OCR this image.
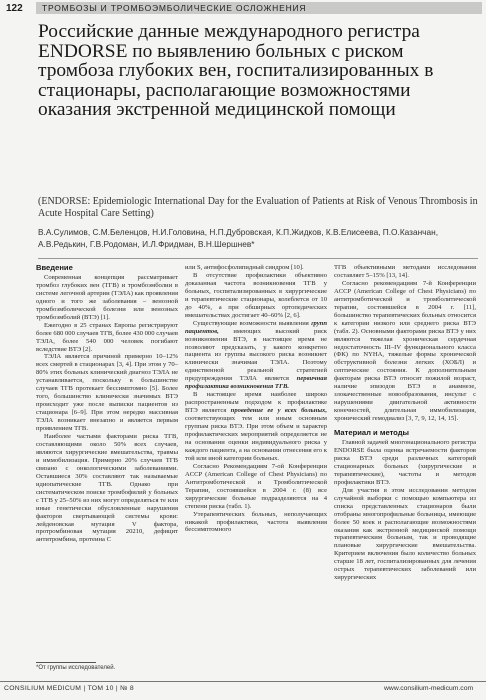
122 ТРОМБОЗЫ И ТРОМБОЭМБОЛИЧЕСКИЕ ОСЛОЖНЕНИЯ
Российские данные международного регистра ENDORSE по выявлению больных с риском тромбоза глубоких вен, госпитализированных в стационары, располагающие возможностями оказания экстренной медицинской помощи
(ENDORSE: Epidemiologic International Day for the Evaluation of Patients at Risk of Venous Thrombosis in Acute Hospital Care Setting)
В.А.Сулимов, С.М.Беленцов, Н.И.Головина, Н.П.Дубровская, К.П.Жидков, К.В.Елисеева, П.О.Казанчан, А.В.Редькин, Г.В.Родоман, И.Л.Фридман, В.Н.Шершнев*
Введение

Современная концепция рассматривает тромбоз глубоких вен (ТГВ) и тромбоэмболии в системе легочной артерии (ТЭЛА) как проявления одного и того же заболевания – венозной тромбоэмболической болезни или венозных тромбоэмболий (ВТЭ) [1].

Ежегодно в 25 странах Европы регистрируют более 680 000 случаев ТГВ, более 430 000 случаев ТЭЛА, более 540 000 человек погибают вследствие ВТЭ [2].

ТЭЛА является причиной примерно 10–12% всех смертей в стационарах [3, 4]. При этом у 70–80% этих больных клинический диагноз ТЭЛА не устанавливается, поскольку в большинстве случаев ТГВ протекает бессимптомно [5]. Более того, большинство клинически значимых ВТЭ происходит уже после выписки пациентов из стационара [6–9]. При этом нередко массивная ТЭЛА возникает внезапно и является первым проявлением ТГВ.

Наиболее частыми факторами риска ТГВ, составляющими около 50% всех случаев, являются хирургические вмешательства, травмы и иммобилизация. Примерно 20% случаев ТГВ связано с онкологическими заболеваниями. Оставшиеся 30% составляют так называемые идиопатические ТГВ. Однако при систематическом поиске тромбофилий у больных с ТГВ у 25–50% из них могут определяться те или иные генетически обусловленные нарушения факторов свертывающей системы крови: лейденовская мутация V фактора, протромбиновая мутация 20210, дефицит антитромбина, протеина C

или S, антифосфолипидный синдром [10].

В отсутствие профилактики объективно доказанная частота возникновения ТГВ у больных, госпитализированных в хирургические и терапевтические стационары, колеблется от 10 до 40%, а при обширных ортопедических вмешательствах достигает 40–60% [2, 6].

Существующие возможности выявления групп пациентов, имеющих высокий риск возникновения ВТЭ, в настоящее время не позволяют предсказать, у какого конкретно пациента из группы высокого риска возникнет клинически значимая ТЭЛА. Поэтому единственной реальной стратегией предупреждения ТЭЛА является первичная профилактика возникновения ТГВ.

В настоящее время наиболее широко распространенным подходом к профилактике ВТЭ является проведение ее у всех больных, соответствующих тем или иным основным группам риска ВТЭ. При этом объем и характер профилактических мероприятий определяется не на основании оценки индивидуального риска у каждого пациента, а на основании отнесения его к той или иной категории больных.

Согласно Рекомендациям 7-ой Конференции ACCP (American College of Chest Physicians) по Антитромботической и Тромболитической Терапии, состоявшейся в 2004 г. (8) все хирургические больные подразделяются на 4 степени риска (табл. 1).

Утерапевтических больных, неполучающих никакой профилактики, частота выявления бессимптомного

ТГВ объективными методами исследования составляет 5–15% [13, 14].

Согласно рекомендациям 7-й Конференции ACCP (American College of Chest Physicians) по антитромботической и тромболитической терапии, состоявшейся в 2004 г. [11], большинство терапевтических больных относится к категории низкого или среднего риска ВТЭ (табл. 2). Основными факторами риска ВТЭ у них являются тяжелая хроническая сердечная недостаточность III–IV функционального класса (ФК) по NYHA, тяжелые формы хронической обструктивной болезни легких (ХОБЛ) и септические состояния. К дополнительным факторам риска ВТЭ относят пожилой возраст, наличие эпизодов ВТЭ в анамнезе, злокачественные новообразования, инсульт с нарушениями двигательной активности конечностей, длительная иммобилизация, хронический гемодиализ [3, 7, 9, 12, 14, 15].

Материал и методы

Главной задачей многонационального регистра ENDORSE была оценка встречаемости факторов риска ВТЭ среди различных категорий стационарных больных (хирургические и терапевтические), частоты и методов профилактики ВТЭ.

Для участия в этом исследовании методом случайной выборки с помощью компьютера из списка представленных стационаров были отобраны многопрофильные больницы, имеющие более 50 коек и располагающие возможностями оказания как экстренной медицинской помощи терапевтическим больным, так и проводящие плановые хирургические вмешательства. Критерием включения было количество больных старше 18 лет, госпитализированных для лечения острых терапевтических заболеваний или хирургических

*От группы исследователей.
CONSILIUM MEDICUM | ТОМ 10 | № 8	www.consilium-medicum.com
